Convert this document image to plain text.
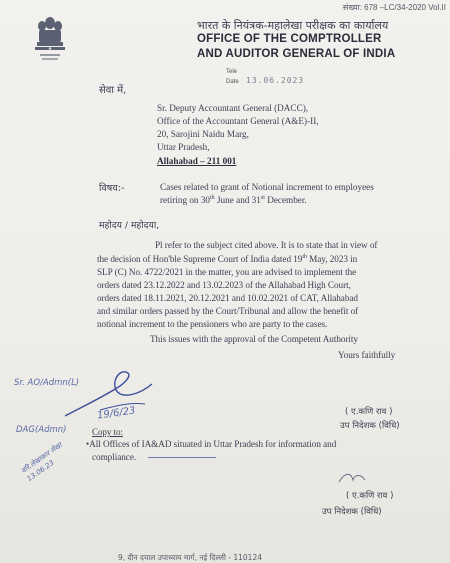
संख्या: 678 –LC/34-2020 Vol.II
भारत के नियंत्रक-महालेखा परीक्षक का कार्यालय
OFFICE OF THE COMPTROLLER
AND AUDITOR GENERAL OF INDIA
Tele
Date 13.06.2023
सेवा में,
Sr. Deputy Accountant General (DACC),
Office of the Accountant General (A&E)-II,
20, Sarojini Naidu Marg,
Uttar Pradesh,
Allahabad – 211 001
विषय:-	Cases related to grant of Notional increment to employees
retiring on 30th June and 31st December.
महोदय / महोदया,
Pl refer to the subject cited above. It is to state that in view of
the decision of Hon'ble Supreme Court of India dated 19th May, 2023 in
SLP (C) No. 4722/2021 in the matter, you are advised to implement the
orders dated 23.12.2022 and 13.02.2023 of the Allahabad High Court,
orders dated 18.11.2021, 20.12.2021 and 10.02.2021 of CAT, Allahabad
and similar orders passed by the Court/Tribunal and allow the benefit of
notional increment to the pensioners who are party to the cases.
This issues with the approval of the Competent Authority
Yours faithfully
Sr. AO/Admn(L)
DAG(Admn)
19/6/23
वरि.लेखाकार लेखा 13.06.23
( ए.कणि राव )
उप निदेशक (विधि)
Copy to:
•All Offices of IA&AD situated in Uttar Pradesh for information and
compliance.
( ए.कणि राव )
उप निदेशक (विधि)
9, दीन दयाल उपाध्याय मार्ग, नई दिल्ली - 110124
